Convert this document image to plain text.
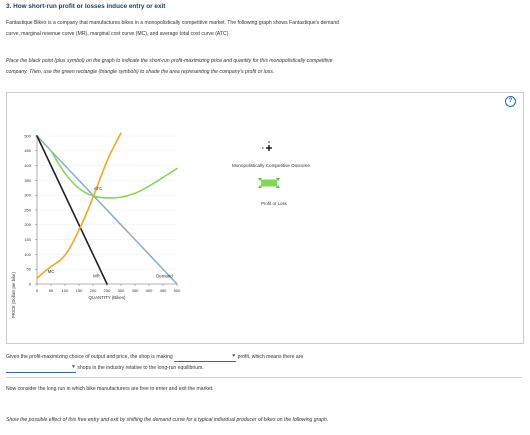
3. How short-run profit or losses induce entry or exit
Fantastique Bikes is a company that manufactures bikes in a monopolistically competitive market. The following graph shows Fantastique's demand
curve, marginal revenue curve (MR), marginal cost curve (MC), and average total cost curve (ATC).
Place the black point (plus symbol) on the graph to indicate the short-run profit-maximizing price and quantity for this monopolistically competitive
company. Then, use the green rectangle (triangle symbols) to shade the area representing the company's profit or loss.
?
PRICE (Dollars per bike)	0
50
100
150
200
250
300
350
400
450
500
0	50 100 150 200 250 300 350 400 450 500
MC
ATC
MR	Demand
QUANTITY (Bikes)
Monopolistically Competitive Outcome
Profit or Loss
Given the profit-maximizing choice of output and price, the shop is making	▼ profit, which means there are
▼ shops in the industry relative to the long-run equilibrium.
Now consider the long run in which bike manufacturers are free to enter and exit the market.
Show the possible effect of this free entry and exit by shifting the demand curve for a typical individual producer of bikes on the following graph.
